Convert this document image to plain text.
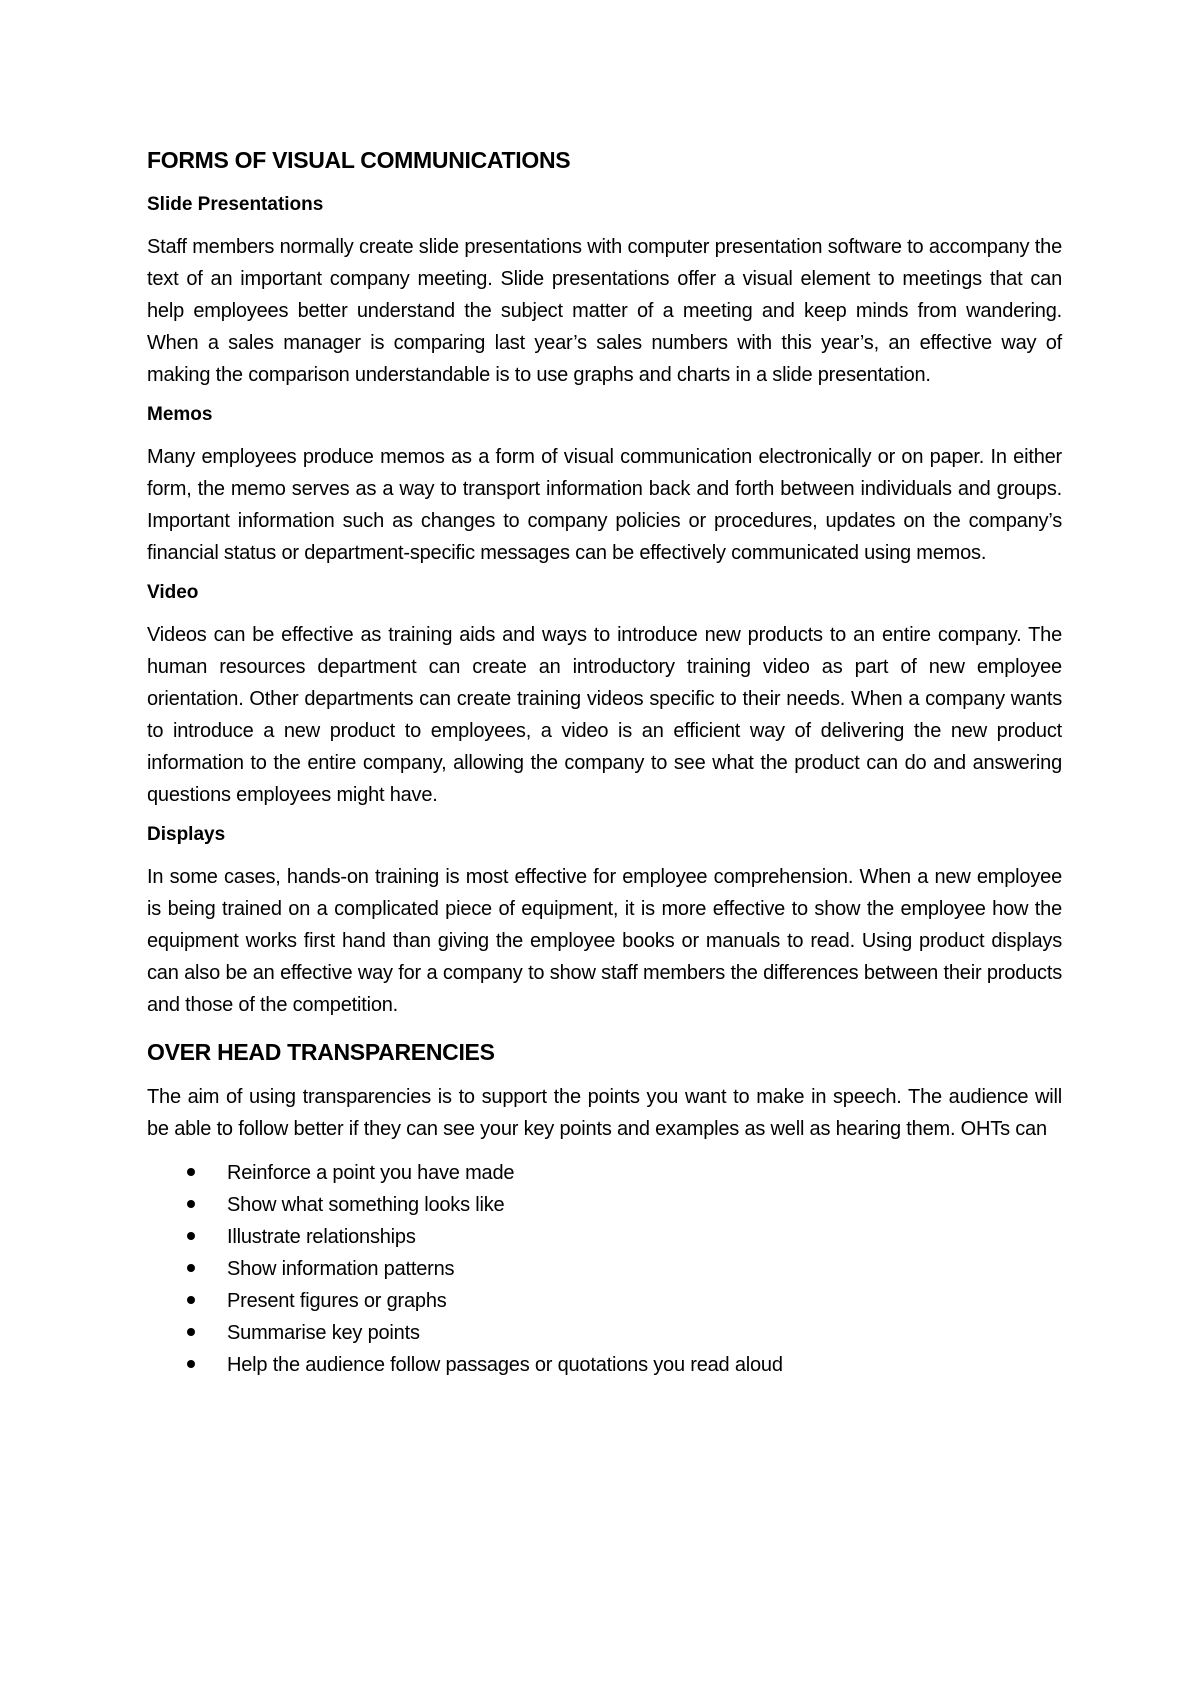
FORMS OF VISUAL COMMUNICATIONS
Slide Presentations

Staff members normally create slide presentations with computer presentation software to accompany the text of an important company meeting. Slide presentations offer a visual element to meetings that can help employees better understand the subject matter of a meeting and keep minds from wandering. When a sales manager is comparing last year’s sales numbers with this year’s, an effective way of making the comparison understandable is to use graphs and charts in a slide presentation.

Memos

Many employees produce memos as a form of visual communication electronically or on paper. In either form, the memo serves as a way to transport information back and forth between individuals and groups. Important information such as changes to company policies or procedures, updates on the company’s financial status or department-specific messages can be effectively communicated using memos.

Video

Videos can be effective as training aids and ways to introduce new products to an entire company. The human resources department can create an introductory training video as part of new employee orientation. Other departments can create training videos specific to their needs. When a company wants to introduce a new product to employees, a video is an efficient way of delivering the new product information to the entire company, allowing the company to see what the product can do and answering questions employees might have.

Displays

In some cases, hands-on training is most effective for employee comprehension. When a new employee is being trained on a complicated piece of equipment, it is more effective to show the employee how the equipment works first hand than giving the employee books or manuals to read. Using product displays can also be an effective way for a company to show staff members the differences between their products and those of the competition.

OVER HEAD TRANSPARENCIES

The aim of using transparencies is to support the points you want to make in speech. The audience will be able to follow better if they can see your key points and examples as well as hearing them. OHTs can

Reinforce a point you have made
Show what something looks like
Illustrate relationships
Show information patterns
Present figures or graphs
Summarise key points
Help the audience follow passages or quotations you read aloud
